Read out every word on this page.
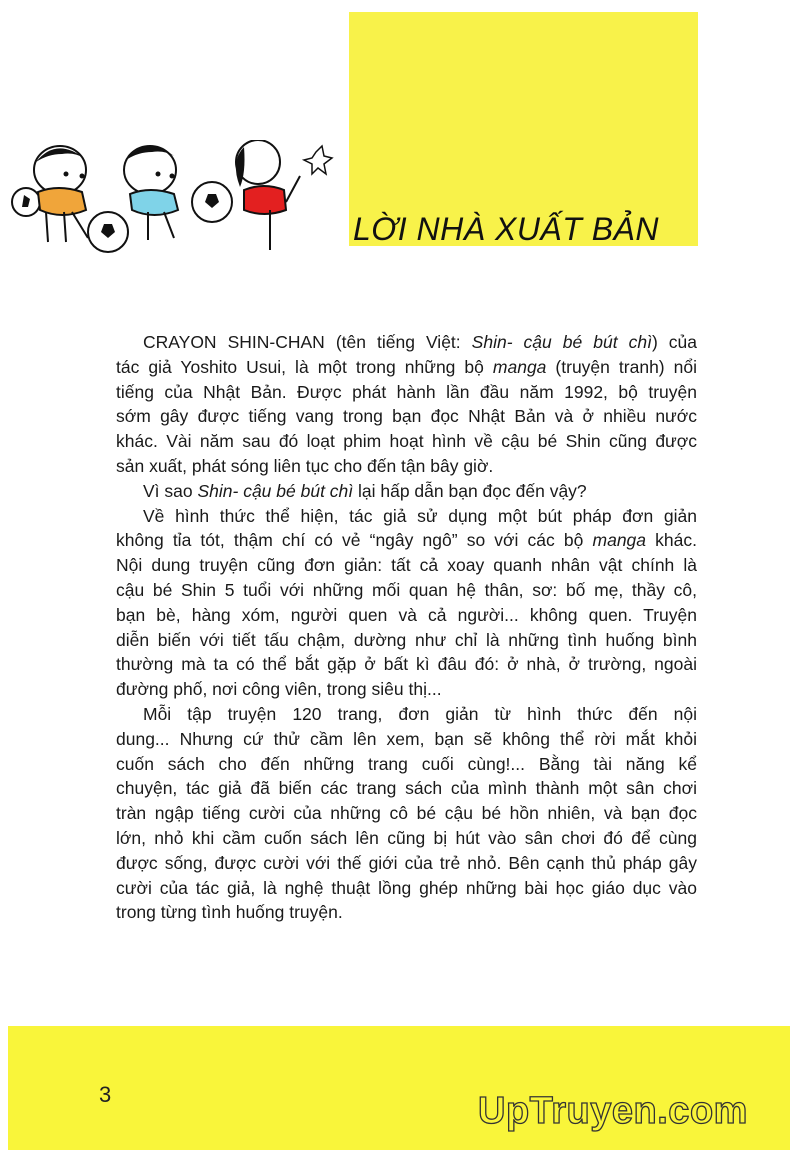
LỜI NHÀ XUẤT BẢN
CRAYON SHIN-CHAN (tên tiếng Việt: Shin- cậu bé bút chì) của
tác giả Yoshito Usui, là một trong những bộ manga (truyện tranh) nổi
tiếng của Nhật Bản. Được phát hành lần đầu năm 1992, bộ truyện
sớm gây được tiếng vang trong bạn đọc Nhật Bản và ở nhiều nước
khác. Vài năm sau đó loạt phim hoạt hình về cậu bé Shin cũng được
sản xuất, phát sóng liên tục cho đến tận bây giờ.
Vì sao Shin- cậu bé bút chì lại hấp dẫn bạn đọc đến vậy?
Về hình thức thể hiện, tác giả sử dụng một bút pháp đơn giản
không tỉa tót, thậm chí có vẻ “ngây ngô” so với các bộ manga khác.
Nội dung truyện cũng đơn giản: tất cả xoay quanh nhân vật chính là
cậu bé Shin 5 tuổi với những mối quan hệ thân, sơ: bố mẹ, thầy cô,
bạn bè, hàng xóm, người quen và cả người... không quen. Truyện
diễn biến với tiết tấu chậm, dường như chỉ là những tình huống bình
thường mà ta có thể bắt gặp ở bất kì đâu đó: ở nhà, ở trường, ngoài
đường phố, nơi công viên, trong siêu thị...
Mỗi tập truyện 120 trang, đơn giản từ hình thức đến nội
dung... Nhưng cứ thử cầm lên xem, bạn sẽ không thể rời mắt khỏi
cuốn sách cho đến những trang cuối cùng!... Bằng tài năng kể
chuyện, tác giả đã biến các trang sách của mình thành một sân chơi
tràn ngập tiếng cười của những cô bé cậu bé hồn nhiên, và bạn đọc
lớn, nhỏ khi cầm cuốn sách lên cũng bị hút vào sân chơi đó để cùng
được sống, được cười với thế giới của trẻ nhỏ. Bên cạnh thủ pháp gây
cười của tác giả, là nghệ thuật lồng ghép những bài học giáo dục vào
trong từng tình huống truyện.
3	UpTruyen.com
